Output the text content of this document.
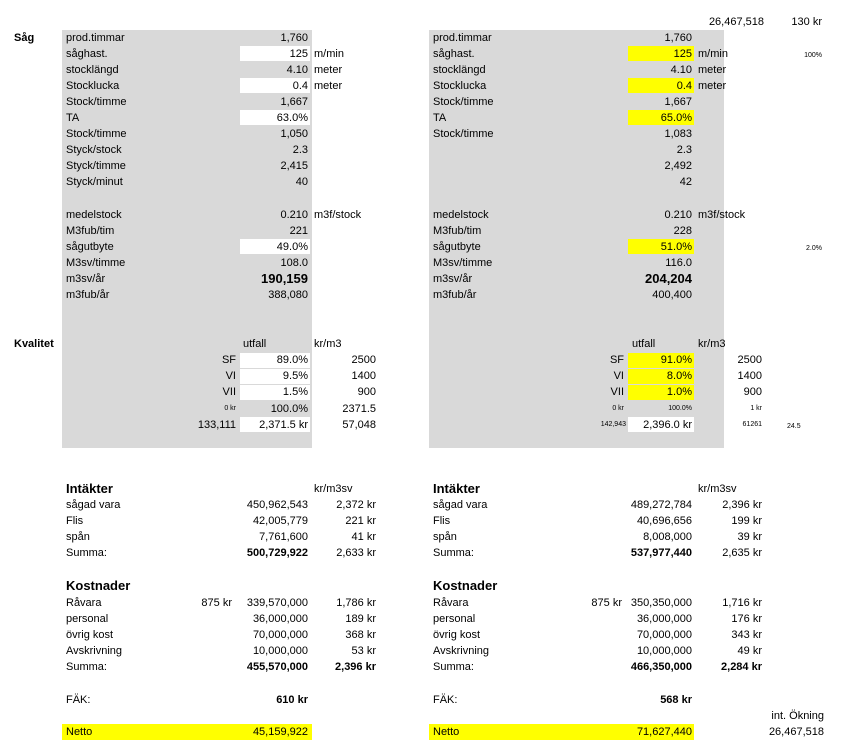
26,467,518	130 kr
Såg
Kvalitet
100%
2.0%
24.5
int. Ökning
26,467,518
prod.timmar	1,760
såghast.	125 m/min
stocklängd	4.10 meter
Stocklucka	0.4 meter
Stock/timme	1,667
TA	63.0%
Stock/timme	1,050
Styck/stock	2.3
Styck/timme	2,415
Styck/minut	40
medelstock	0.210 m3f/stock
M3fub/tim	221
sågutbyte	49.0%
M3sv/timme	108.0
m3sv/år	190,159
m3fub/år	388,080
utfall	kr/m3
SF	89.0%	2500
VI	9.5%	1400
VII	1.5%	900
0 kr	100.0%	2371.5
133,111	2,371.5 kr	57,048
Intäkter	kr/m3sv
sågad vara	450,962,543	2,372 kr
Flis	42,005,779	221 kr
spån	7,761,600	41 kr
Summa:	500,729,922	2,633 kr
Kostnader
Råvara	875 kr	339,570,000	1,786 kr
personal	36,000,000	189 kr
övrig kost	70,000,000	368 kr
Avskrivning	10,000,000	53 kr
Summa:	455,570,000	2,396 kr
FÄK:	610 kr
Netto	45,159,922
prod.timmar	1,760
såghast.	125 m/min
stocklängd	4.10 meter
Stocklucka	0.4 meter
Stock/timme	1,667
TA	65.0%
Stock/timme	1,083
2.3
2,492
42
medelstock	0.210 m3f/stock
M3fub/tim	228
sågutbyte	51.0%
M3sv/timme	116.0
m3sv/år	204,204
m3fub/år	400,400
utfall	kr/m3
SF	91.0%	2500
VI	8.0%	1400
VII	1.0%	900
0 kr	100.0%	1 kr
142,943	2,396.0 kr	61261
Intäkter	kr/m3sv
sågad vara	489,272,784	2,396 kr
Flis	40,696,656	199 kr
spån	8,008,000	39 kr
Summa:	537,977,440	2,635 kr
Kostnader
Råvara	875 kr 350,350,000	1,716 kr
personal	36,000,000	176 kr
övrig kost	70,000,000	343 kr
Avskrivning	10,000,000	49 kr
Summa:	466,350,000	2,284 kr
FÄK:	568 kr
Netto	71,627,440
